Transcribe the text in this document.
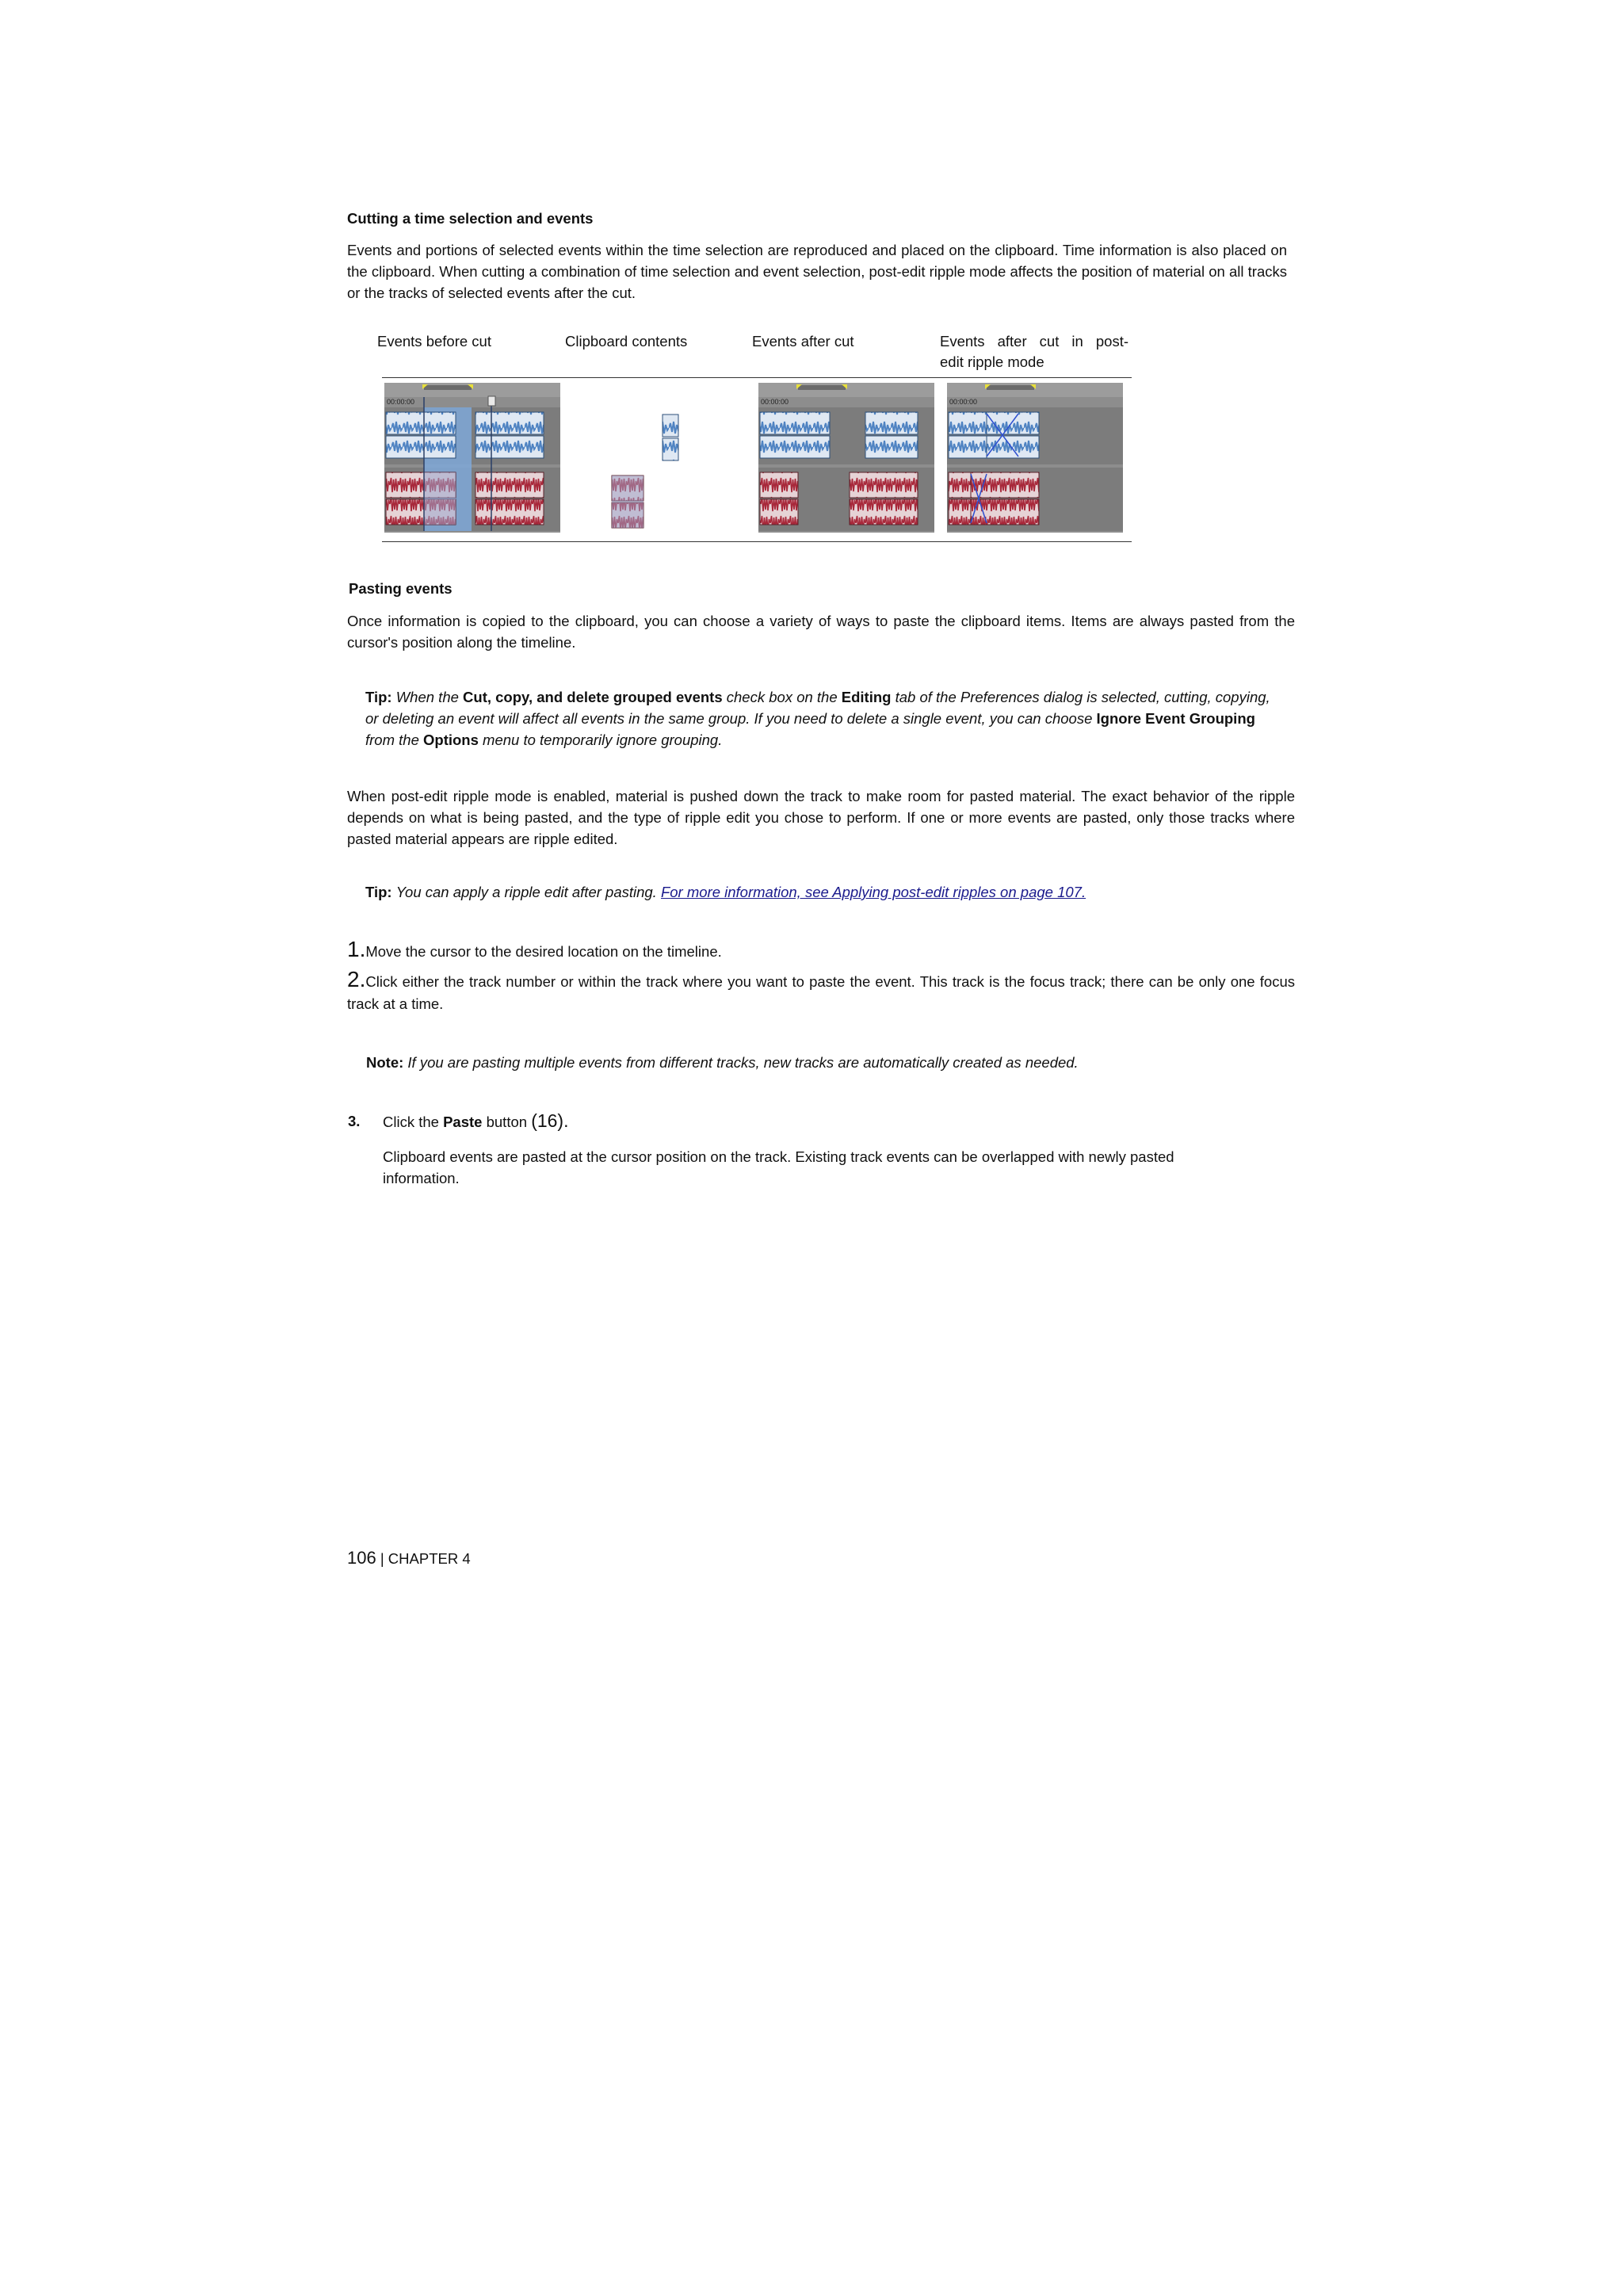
Cutting a time selection and events

Events and portions of selected events within the time selection are reproduced and placed on the clipboard. Time information is also placed on the clipboard. When cutting a combination of time selection and event selection, post-edit ripple mode affects the position of material on all tracks or the tracks of selected events after the cut.

Events before cut	Clipboard contents	Events after cut	Events after cut in post-
edit ripple mode
00:00:00	00:00:00	00:00:00
Pasting events

Once information is copied to the clipboard, you can choose a variety of ways to paste the clipboard items. Items are always pasted from the cursor's position along the timeline.

Tip: When the Cut, copy, and delete grouped events check box on the Editing tab of the Preferences dialog is selected, cutting, copying, or deleting an event will affect all events in the same group. If you need to delete a single event, you can choose Ignore Event Grouping from the Options menu to temporarily ignore grouping.

When post-edit ripple mode is enabled, material is pushed down the track to make room for pasted material. The exact behavior of the ripple depends on what is being pasted, and the type of ripple edit you chose to perform. If one or more events are pasted, only those tracks where pasted material appears are ripple edited.

Tip: You can apply a ripple edit after pasting. For more information, see Applying post-edit ripples on page 107.
1.Move the cursor to the desired location on the timeline.
2.Click either the track number or within the track where you want to paste the event. This track is the focus track; there can be only one focus track at a time.
Note: If you are pasting multiple events from different tracks, new tracks are automatically created as needed.
3. Click the Paste button (16).

Clipboard events are pasted at the cursor position on the track. Existing track events can be overlapped with newly pasted information.

106 | CHAPTER 4
